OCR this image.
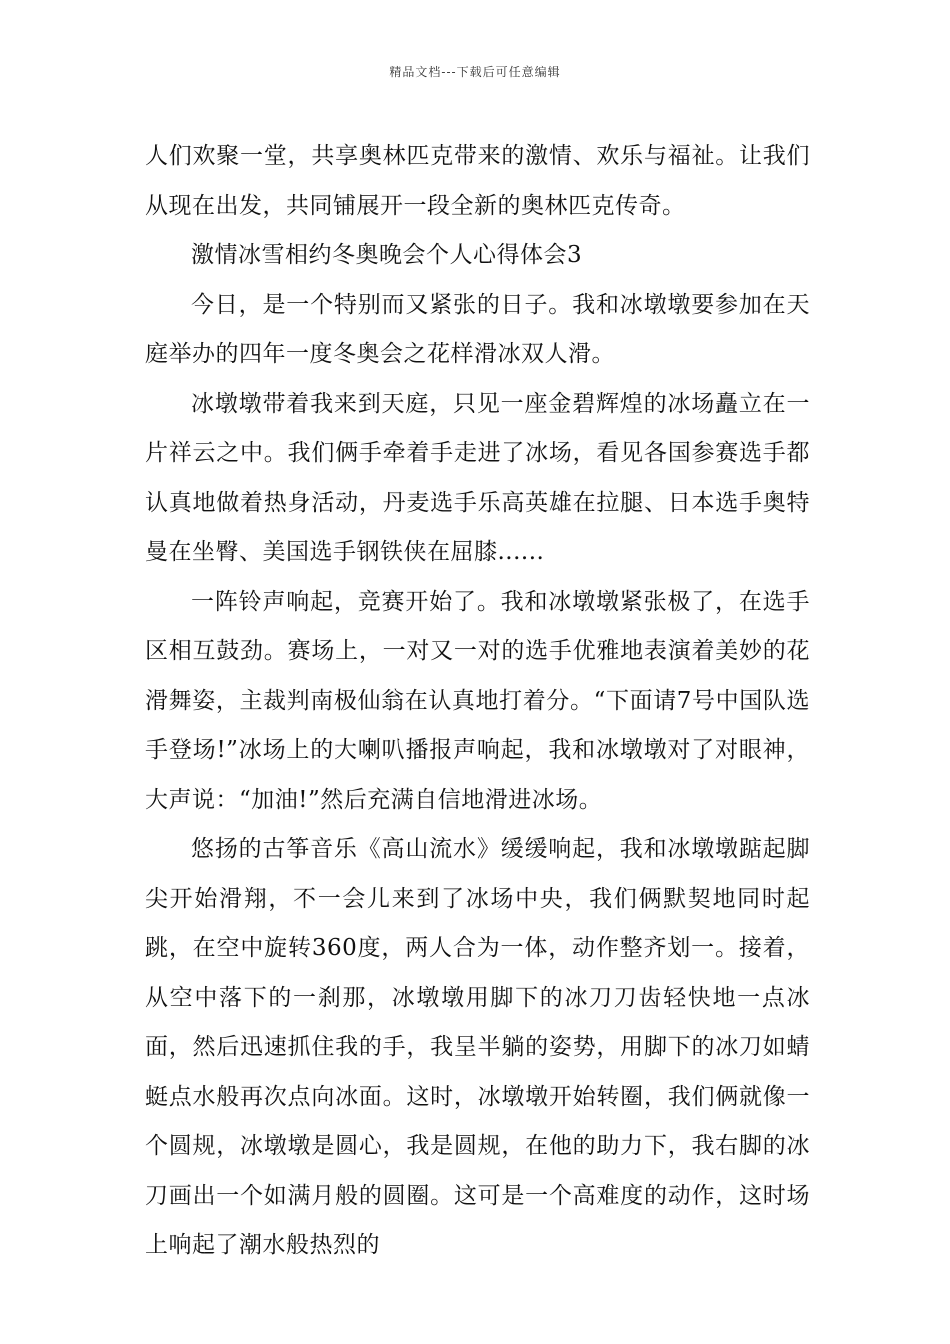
精品文档---下载后可任意编辑

人们欢聚一堂，共享奥林匹克带来的激情、欢乐与福祉。让我们从现在出发，共同铺展开一段全新的奥林匹克传奇。

激情冰雪相约冬奥晚会个人心得体会3

今日，是一个特别而又紧张的日子。我和冰墩墩要参加在天庭举办的四年一度冬奥会之花样滑冰双人滑。

冰墩墩带着我来到天庭，只见一座金碧辉煌的冰场矗立在一片祥云之中。我们俩手牵着手走进了冰场，看见各国参赛选手都认真地做着热身活动，丹麦选手乐高英雄在拉腿、日本选手奥特曼在坐臀、美国选手钢铁侠在屈膝......

一阵铃声响起，竞赛开始了。我和冰墩墩紧张极了，在选手区相互鼓劲。赛场上，一对又一对的选手优雅地表演着美妙的花滑舞姿，主裁判南极仙翁在认真地打着分。“下面请7号中国队选手登场!”冰场上的大喇叭播报声响起，我和冰墩墩对了对眼神，大声说：“加油!”然后充满自信地滑进冰场。

悠扬的古筝音乐《高山流水》缓缓响起，我和冰墩墩踮起脚尖开始滑翔，不一会儿来到了冰场中央，我们俩默契地同时起跳，在空中旋转360度，两人合为一体，动作整齐划一。接着，从空中落下的一刹那，冰墩墩用脚下的冰刀刀齿轻快地一点冰面，然后迅速抓住我的手，我呈半躺的姿势，用脚下的冰刀如蜻蜓点水般再次点向冰面。这时，冰墩墩开始转圈，我们俩就像一个圆规，冰墩墩是圆心，我是圆规，在他的助力下，我右脚的冰刀画出一个如满月般的圆圈。这可是一个高难度的动作，这时场上响起了潮水般热烈的
